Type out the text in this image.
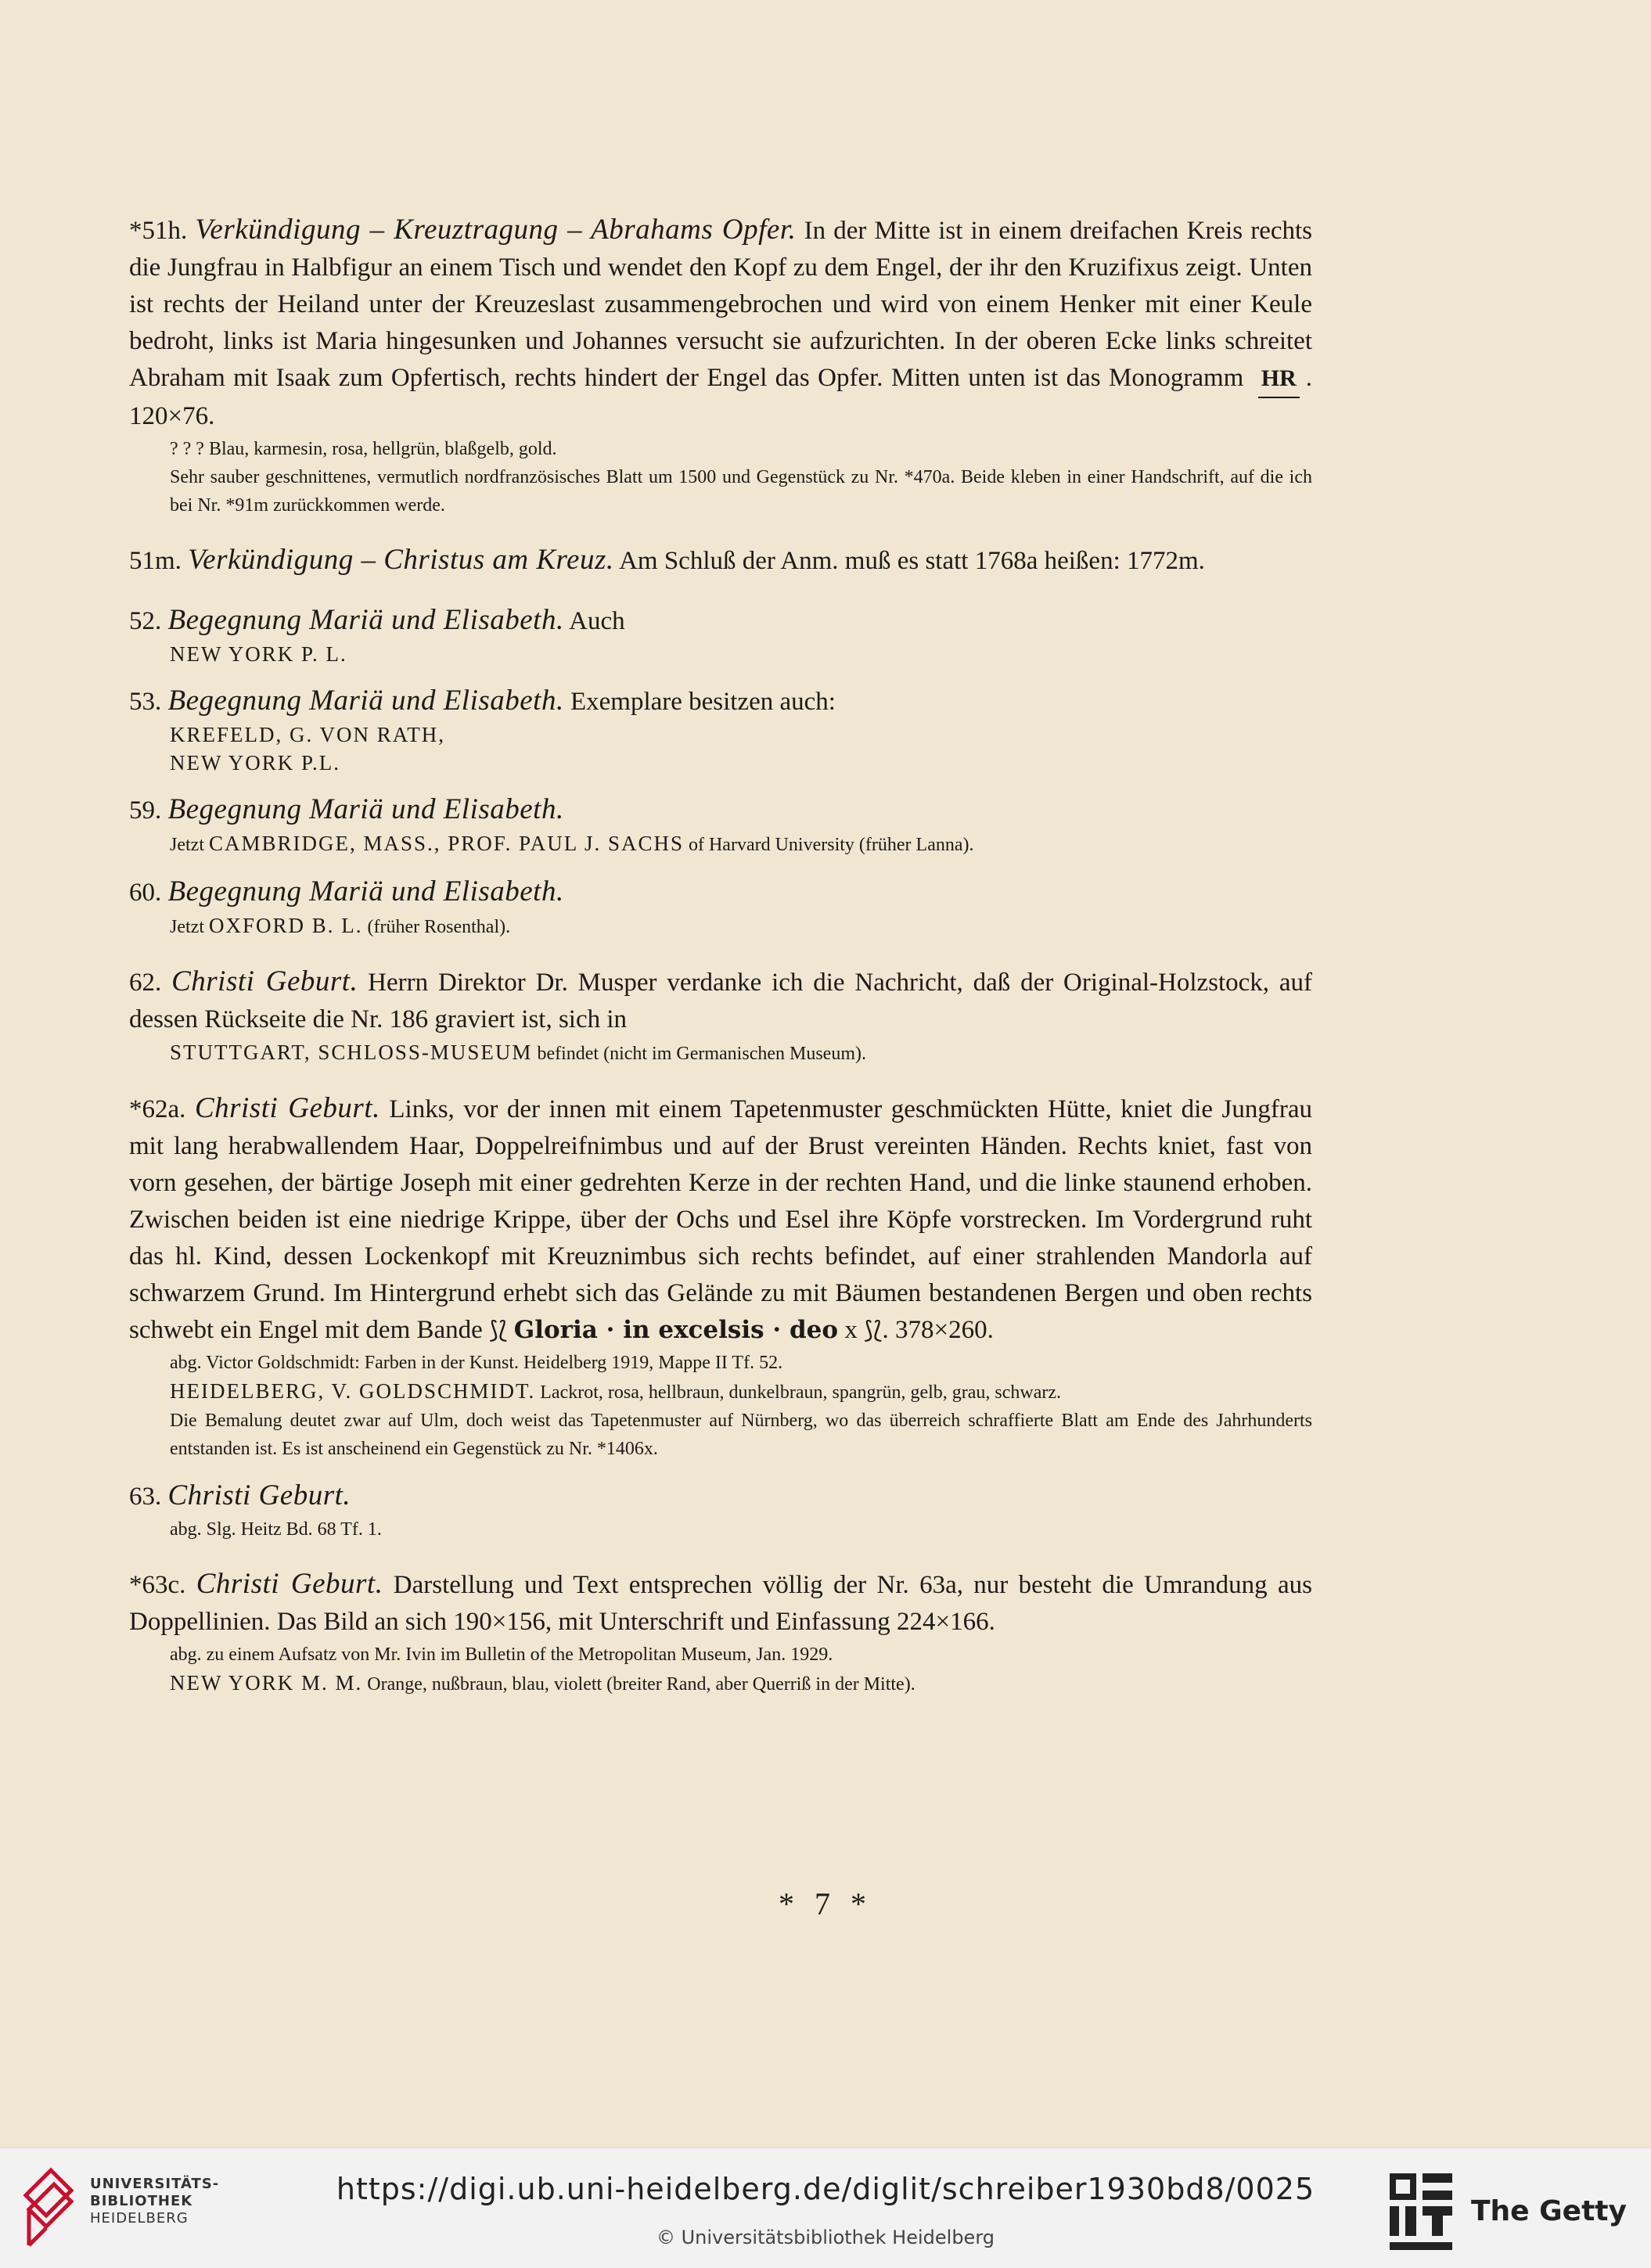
*51h. Verkündigung – Kreuztragung – Abrahams Opfer. In der Mitte ist in einem dreifachen Kreis rechts die Jungfrau in Halbfigur an einem Tisch und wendet den Kopf zu dem Engel, der ihr den Kruzifixus zeigt. Unten ist rechts der Heiland unter der Kreuzeslast zusammengebrochen und wird von einem Henker mit einer Keule bedroht, links ist Maria hingesunken und Johannes versucht sie aufzurichten. In der oberen Ecke links schreitet Abraham mit Isaak zum Opfertisch, rechts hindert der Engel das Opfer. Mitten unten ist das Monogramm HR . 120×76.

? ? ? Blau, karmesin, rosa, hellgrün, blaßgelb, gold.
Sehr sauber geschnittenes, vermutlich nordfranzösisches Blatt um 1500 und Gegenstück zu Nr. *470a. Beide kleben in einer Handschrift, auf die ich bei Nr. *91m zurückkommen werde.

51m. Verkündigung – Christus am Kreuz. Am Schluß der Anm. muß es statt 1768a heißen: 1772m.

52. Begegnung Mariä und Elisabeth. Auch

NEW YORK P. L.

53. Begegnung Mariä und Elisabeth. Exemplare besitzen auch:

KREFELD, G. VON RATH,
NEW YORK P.L.

59. Begegnung Mariä und Elisabeth.

Jetzt CAMBRIDGE, MASS., PROF. PAUL J. SACHS of Harvard University (früher Lanna).

60. Begegnung Mariä und Elisabeth.

Jetzt OXFORD B. L. (früher Rosenthal).

62. Christi Geburt. Herrn Direktor Dr. Musper verdanke ich die Nachricht, daß der Original-Holzstock, auf dessen Rückseite die Nr. 186 graviert ist, sich in

STUTTGART, SCHLOSS-MUSEUM befindet (nicht im Germanischen Museum).

*62a. Christi Geburt. Links, vor der innen mit einem Tapetenmuster geschmückten Hütte, kniet die Jungfrau mit lang herabwallendem Haar, Doppelreifnimbus und auf der Brust vereinten Händen. Rechts kniet, fast von vorn gesehen, der bärtige Joseph mit einer gedrehten Kerze in der rechten Hand, und die linke staunend erhoben. Zwischen beiden ist eine niedrige Krippe, über der Ochs und Esel ihre Köpfe vorstrecken. Im Vordergrund ruht das hl. Kind, dessen Lockenkopf mit Kreuznimbus sich rechts befindet, auf einer strahlenden Mandorla auf schwarzem Grund. Im Hintergrund erhebt sich das Gelände zu mit Bäumen bestandenen Bergen und oben rechts schwebt ein Engel mit dem Bande ⟆⟅ Gloria · in excelsis · deo x ⟆⟅. 378×260.

abg. Victor Goldschmidt: Farben in der Kunst. Heidelberg 1919, Mappe II Tf. 52.
HEIDELBERG, V. GOLDSCHMIDT. Lackrot, rosa, hellbraun, dunkelbraun, spangrün, gelb, grau, schwarz.
Die Bemalung deutet zwar auf Ulm, doch weist das Tapetenmuster auf Nürnberg, wo das überreich schraffierte Blatt am Ende des Jahrhunderts entstanden ist. Es ist anscheinend ein Gegenstück zu Nr. *1406x.

63. Christi Geburt.

abg. Slg. Heitz Bd. 68 Tf. 1.

*63c. Christi Geburt. Darstellung und Text entsprechen völlig der Nr. 63a, nur besteht die Umrandung aus Doppellinien. Das Bild an sich 190×156, mit Unterschrift und Einfassung 224×166.

abg. zu einem Aufsatz von Mr. Ivin im Bulletin of the Metropolitan Museum, Jan. 1929.
NEW YORK M. M. Orange, nußbraun, blau, violett (breiter Rand, aber Querriß in der Mitte).
* 7 *
UNIVERSITÄTS-
BIBLIOTHEK
HEIDELBERG
https://digi.ub.uni-heidelberg.de/diglit/schreiber1930bd8/0025
© Universitätsbibliothek Heidelberg
The Getty
